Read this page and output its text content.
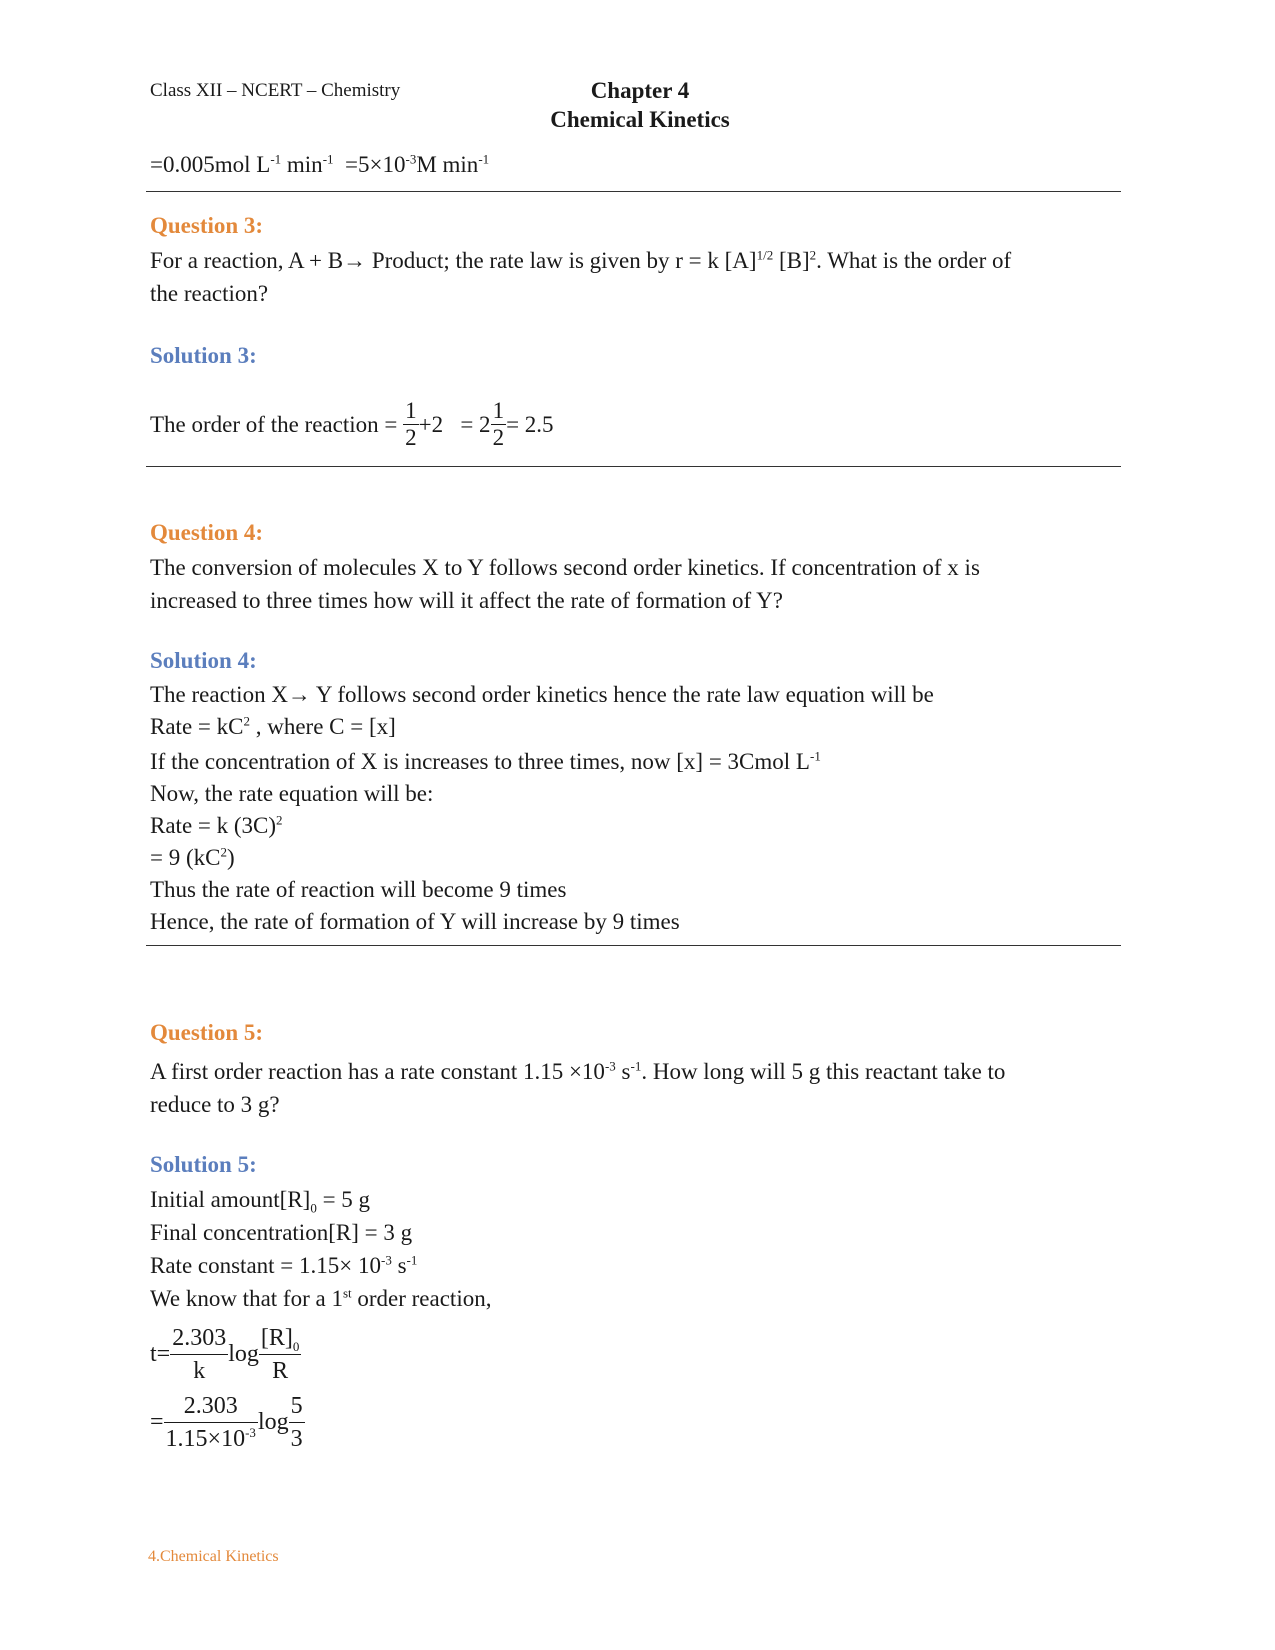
Class XII – NCERT – Chemistry	Chapter 4
Chemical Kinetics
=0.005mol $L^{-1}$ $\min^{-1} =5\times 10^{-3}M$ $\min^{-1}$
Question 3:
For a reaction, A + B→ Product; the rate law is given by r = k $[A]^{1/2}$ $[B]^2$. What is the order of
the reaction?
Solution 3:
The order of the reaction = $\frac{1}{2} +2 = 2 \frac{1}{2} = 2.5$
Question 4:
The conversion of molecules X to Y follows second order kinetics. If concentration of x is
increased to three times how will it affect the rate of formation of Y?
Solution 4:
The reaction X→ Y follows second order kinetics hence the rate law equation will be
Rate = $kC^2$ , where C = [x]
If the concentration of X is increases to three times, now [x] = 3Cmol $L^{-1}$
Now, the rate equation will be:
Rate = k $(3C)^2$
= 9 $(kC^2)$
Thus the rate of reaction will become 9 times
Hence, the rate of formation of Y will increase by 9 times
Question 5:
A first order reaction has a rate constant $1.15 \times 10^{-3}$ $s^{-1}$. How long will 5 g this reactant take to
reduce to 3 g?
Solution 5:
Initial $amount[R]_0 = 5$ g
Final concentration[R] = 3 g
Rate constant = $1.15\times 10^{-3}$ $s^{-1}$
We know that for a 1st order reaction,
$t= \frac{2.303}{k}$ $\log \frac{[R]_0}{R}$
= $\frac{2.303}{1.15\times 10^{-3}}$ $\log \frac{5}{3}$
4.Chemical Kinetics
